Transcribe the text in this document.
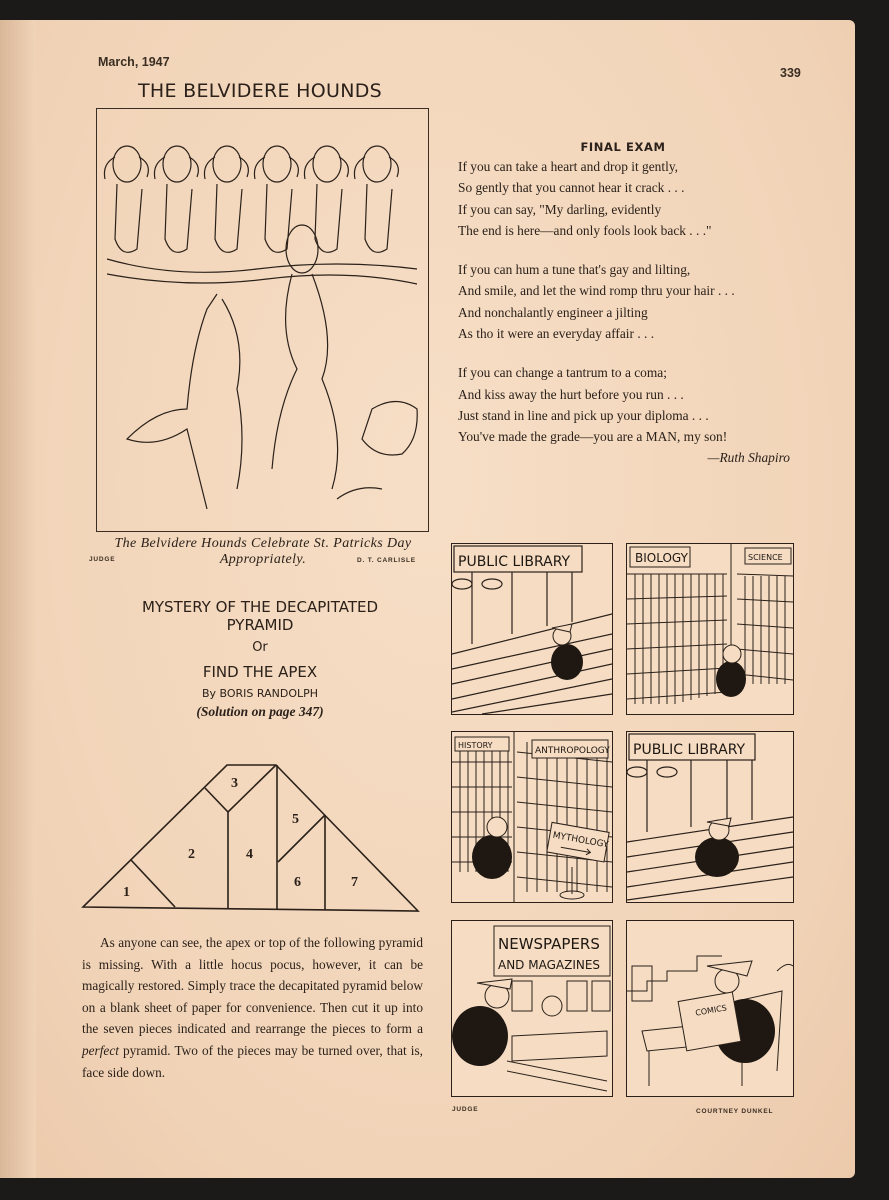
March, 1947
339
THE BELVIDERE HOUNDS
The Belvidere Hounds Celebrate St. Patricks Day
Appropriately.
JUDGE	D. T. CARLISLE
MYSTERY OF THE DECAPITATED
PYRAMID
Or
FIND THE APEX
By BORIS RANDOLPH
(Solution on page 347)
1
2
3
4
5
6	7
As anyone can see, the apex or top of the following pyramid is missing. With a little hocus pocus, however, it can be magically restored. Simply trace the decapitated pyramid below on a blank sheet of paper for convenience. Then cut it up into the seven pieces indicated and rearrange the pieces to form a perfect pyramid. Two of the pieces may be turned over, that is, face side down.
FINAL EXAM
If you can take a heart and drop it gently,
So gently that you cannot hear it crack . . .
If you can say, "My darling, evidently
The end is here—and only fools look back . . ."
If you can hum a tune that's gay and lilting,
And smile, and let the wind romp thru your hair . . .
And nonchalantly engineer a jilting
As tho it were an everyday affair . . .
If you can change a tantrum to a coma;
And kiss away the hurt before you run . . .
Just stand in line and pick up your diploma . . .
You've made the grade—you are a MAN, my son!
—Ruth Shapiro
PUBLIC LIBRARY	BIOLOGY	SCIENCE
HISTORY
ANTHROPOLOGY
MYTHOLOGY
PUBLIC LIBRARY
NEWSPAPERS
AND MAGAZINES
COMICS
JUDGE	COURTNEY DUNKEL
